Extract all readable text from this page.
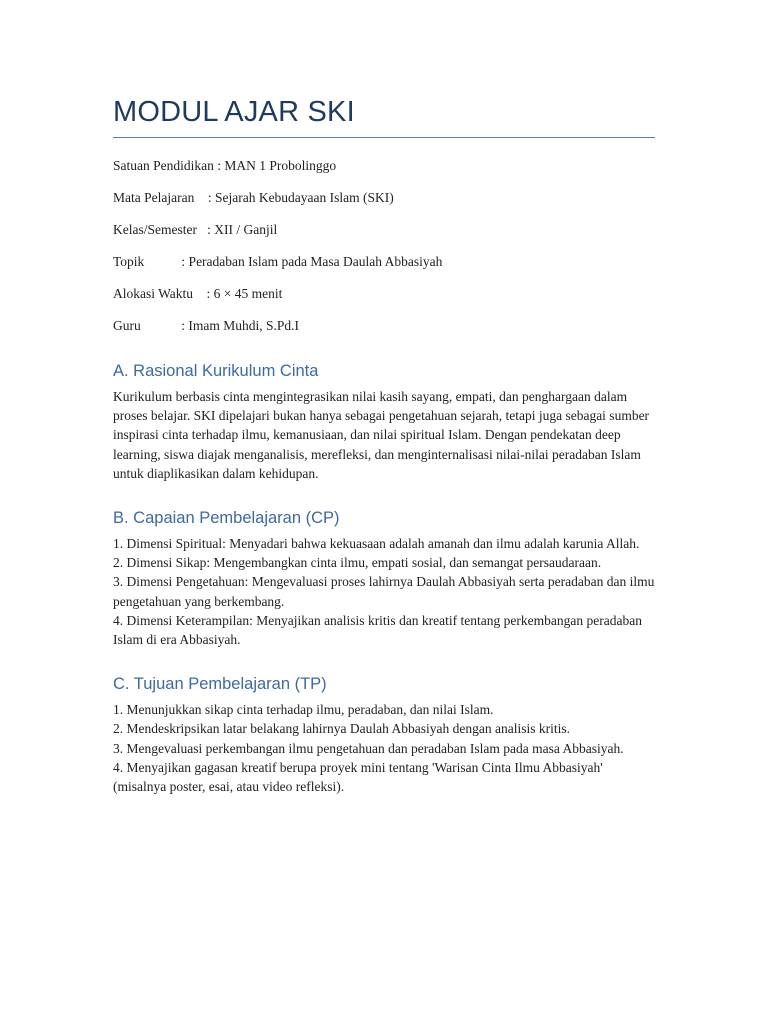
MODUL AJAR SKI

Satuan Pendidikan : MAN 1 Probolinggo

Mata Pelajaran    : Sejarah Kebudayaan Islam (SKI)

Kelas/Semester   : XII / Ganjil

Topik           : Peradaban Islam pada Masa Daulah Abbasiyah

Alokasi Waktu    : 6 × 45 menit

Guru            : Imam Muhdi, S.Pd.I

A. Rasional Kurikulum Cinta

Kurikulum berbasis cinta mengintegrasikan nilai kasih sayang, empati, dan penghargaan dalam proses belajar. SKI dipelajari bukan hanya sebagai pengetahuan sejarah, tetapi juga sebagai sumber inspirasi cinta terhadap ilmu, kemanusiaan, dan nilai spiritual Islam. Dengan pendekatan deep learning, siswa diajak menganalisis, merefleksi, dan menginternalisasi nilai-nilai peradaban Islam untuk diaplikasikan dalam kehidupan.

B. Capaian Pembelajaran (CP)
1. Dimensi Spiritual: Menyadari bahwa kekuasaan adalah amanah dan ilmu adalah karunia Allah.
2. Dimensi Sikap: Mengembangkan cinta ilmu, empati sosial, dan semangat persaudaraan.
3. Dimensi Pengetahuan: Mengevaluasi proses lahirnya Daulah Abbasiyah serta peradaban dan ilmu pengetahuan yang berkembang.
4. Dimensi Keterampilan: Menyajikan analisis kritis dan kreatif tentang perkembangan peradaban Islam di era Abbasiyah.
C. Tujuan Pembelajaran (TP)
1. Menunjukkan sikap cinta terhadap ilmu, peradaban, dan nilai Islam.
2. Mendeskripsikan latar belakang lahirnya Daulah Abbasiyah dengan analisis kritis.
3. Mengevaluasi perkembangan ilmu pengetahuan dan peradaban Islam pada masa Abbasiyah.
4. Menyajikan gagasan kreatif berupa proyek mini tentang 'Warisan Cinta Ilmu Abbasiyah' (misalnya poster, esai, atau video refleksi).
